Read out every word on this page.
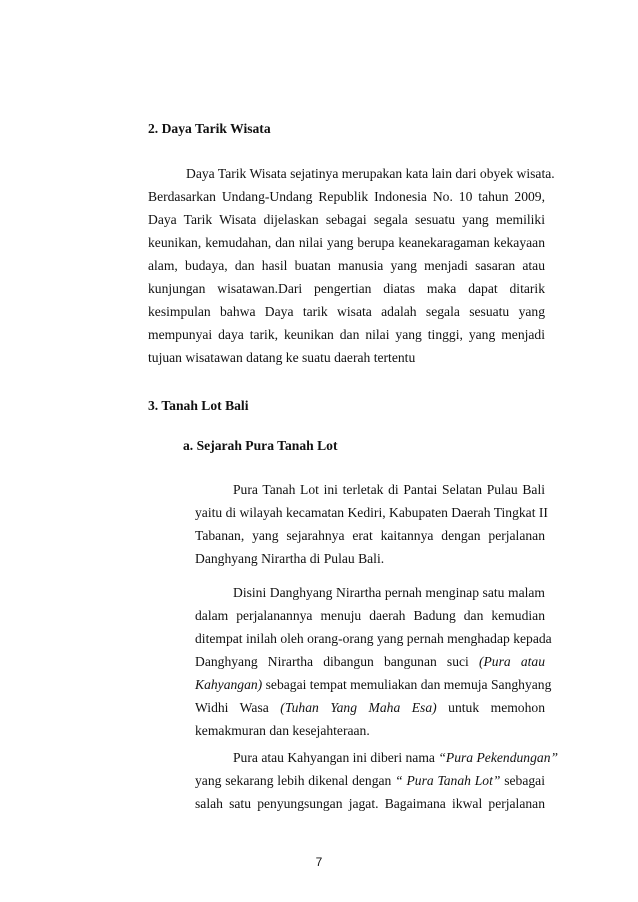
2. Daya Tarik Wisata
Daya Tarik Wisata sejatinya merupakan kata lain dari obyek wisata.
Berdasarkan Undang-Undang Republik Indonesia No. 10 tahun 2009,
Daya Tarik Wisata dijelaskan sebagai segala sesuatu yang memiliki
keunikan, kemudahan, dan nilai yang berupa keanekaragaman kekayaan
alam, budaya, dan hasil buatan manusia yang menjadi sasaran atau
kunjungan wisatawan.Dari pengertian diatas maka dapat ditarik
kesimpulan bahwa Daya tarik wisata adalah segala sesuatu yang
mempunyai daya tarik, keunikan dan nilai yang tinggi, yang menjadi
tujuan wisatawan datang ke suatu daerah tertentu
3. Tanah Lot Bali
a. Sejarah Pura Tanah Lot
Pura Tanah Lot ini terletak di Pantai Selatan Pulau Bali
yaitu di wilayah kecamatan Kediri, Kabupaten Daerah Tingkat II
Tabanan, yang sejarahnya erat kaitannya dengan perjalanan
Danghyang Nirartha di Pulau Bali.
Disini Danghyang Nirartha pernah menginap satu malam
dalam perjalanannya menuju daerah Badung dan kemudian
ditempat inilah oleh orang-orang yang pernah menghadap kepada
Danghyang Nirartha dibangun bangunan suci (Pura atau
Kahyangan) sebagai tempat memuliakan dan memuja Sanghyang
Widhi Wasa (Tuhan Yang Maha Esa) untuk memohon
kemakmuran dan kesejahteraan.
Pura atau Kahyangan ini diberi nama “Pura Pekendungan”
yang sekarang lebih dikenal dengan “ Pura Tanah Lot” sebagai
salah satu penyungsungan jagat. Bagaimana ikwal perjalanan
7
